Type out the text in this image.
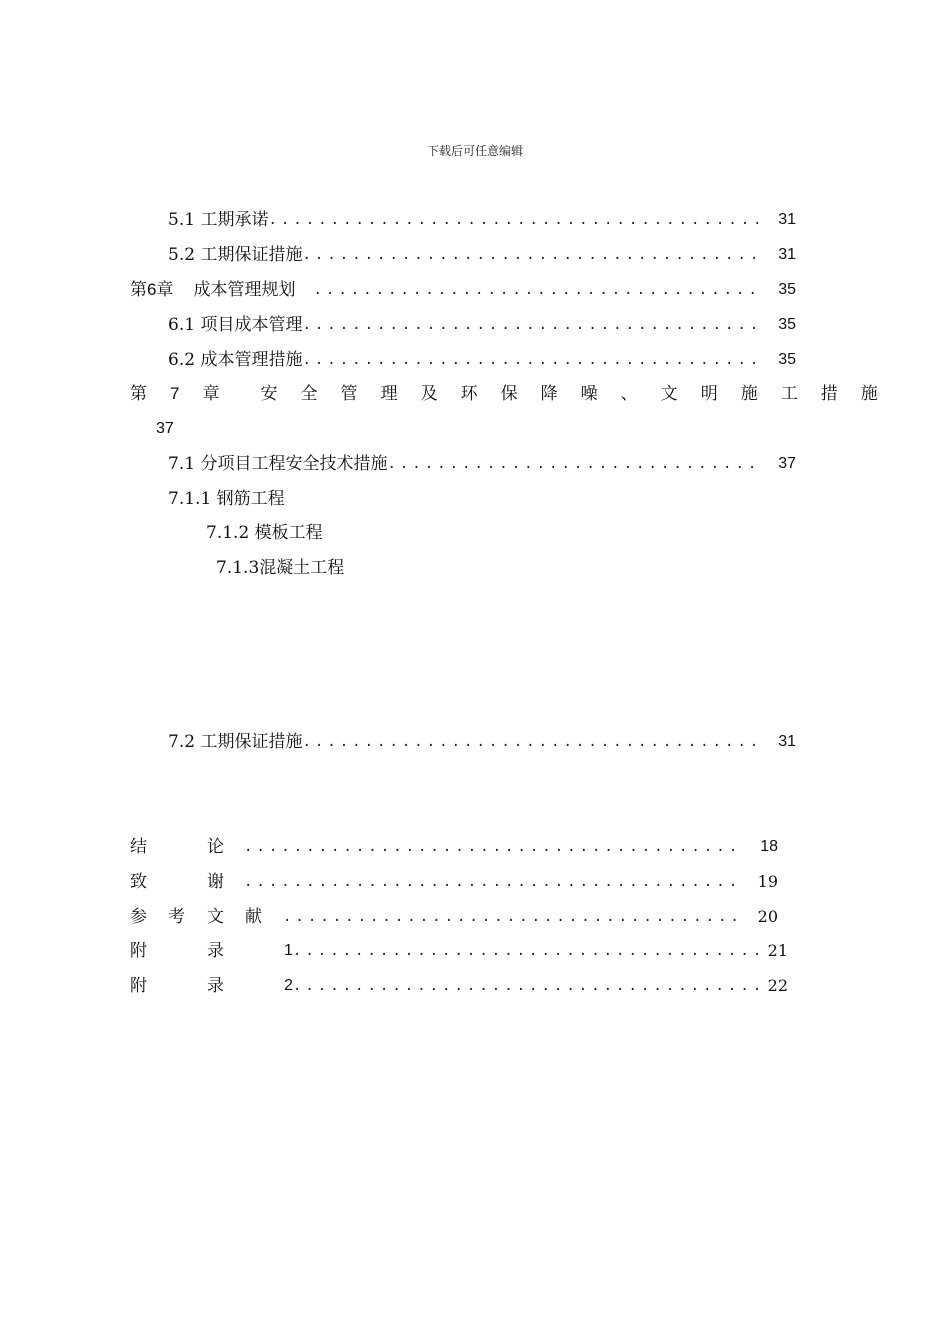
下载后可任意编辑
5.1 工期承诺 .....	31
5.2 工期保证措施 .....	31
第 6 章 成 本 管 理 规 划 .....	35
6.1 项目成本管理 .....	35
6.2 成本管理措施 .....	35
第 7 章 安 全 管 理 及 环 保 降 噪 、 文 明 施 工 措 施
37
7.1 分项目工程安全技术措施 .....	37
7.1.1 钢筋工程
7.1.2 模板工程
7.1.3混凝土工程
7.2 工期保证措施 .....	31
结	论 .....	18
致	谢 .....	19
参	考	文	献 .....	20
附	录	1 .....	21
附	录	2 .....	22
